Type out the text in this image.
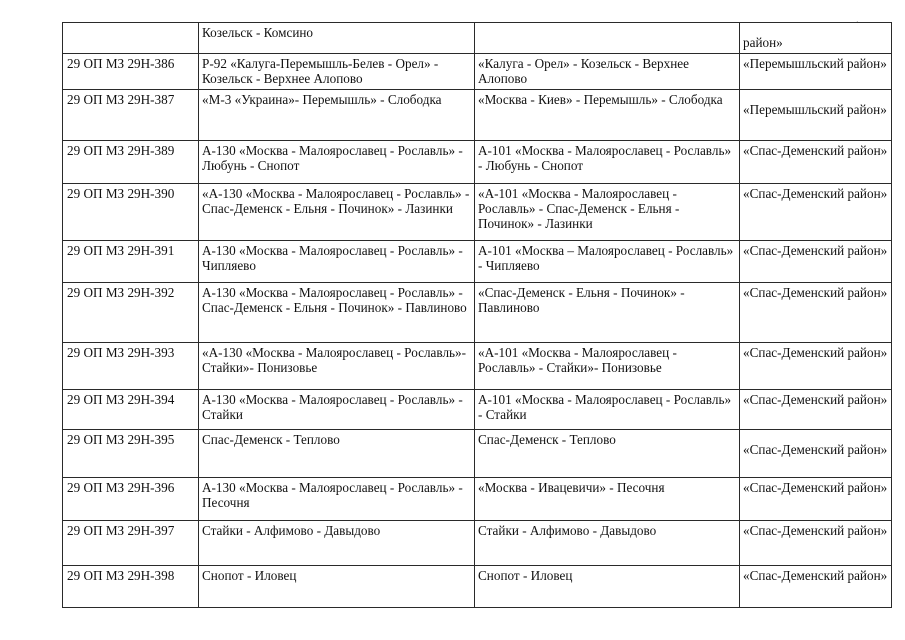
·
	Козельск - Комсино		район»
29 ОП МЗ 29Н-386	Р-92 «Калуга-Перемышль-Белев - Орел» - Козельск - Верхнее Алопово	«Калуга - Орел» - Козельск - Верхнее Алопово	«Перемышльский район»
29 ОП МЗ 29Н-387	«М-3 «Украина»- Перемышль» - Слободка	«Москва - Киев» - Перемышль» - Слободка	«Перемышльский район»
29 ОП МЗ 29Н-389	А-130 «Москва - Малоярославец - Рославль» - Любунь - Снопот	А-101 «Москва - Малоярославец - Рославль» - Любунь - Снопот	«Спас-Деменский район»
29 ОП МЗ 29Н-390	«А-130 «Москва - Малоярославец - Рославль» - Спас-Деменск - Ельня - Починок» - Лазинки	«А-101 «Москва - Малоярославец - Рославль» - Спас-Деменск - Ельня - Починок» - Лазинки	«Спас-Деменский район»
29 ОП МЗ 29Н-391	А-130 «Москва - Малоярославец - Рославль» - Чипляево	А-101 «Москва – Малоярославец - Рославль» - Чипляево	«Спас-Деменский район»
29 ОП МЗ 29Н-392	А-130 «Москва - Малоярославец - Рославль» - Спас-Деменск - Ельня - Починок» - Павлиново	«Спас-Деменск - Ельня - Починок» - Павлиново	«Спас-Деменский район»
29 ОП МЗ 29Н-393	«А-130 «Москва - Малоярославец - Рославль»- Стайки»- Понизовье	«А-101 «Москва - Малоярославец - Рославль» - Стайки»- Понизовье	«Спас-Деменский район»
29 ОП МЗ 29Н-394	А-130 «Москва - Малоярославец - Рославль» - Стайки	А-101 «Москва - Малоярославец - Рославль» - Стайки	«Спас-Деменский район»
29 ОП МЗ 29Н-395	Спас-Деменск - Теплово	Спас-Деменск - Теплово	«Спас-Деменский район»
29 ОП МЗ 29Н-396	А-130 «Москва - Малоярославец - Рославль» - Песочня	«Москва - Ивацевичи» - Песочня	«Спас-Деменский район»
29 ОП МЗ 29Н-397	Стайки - Алфимово - Давыдово	Стайки - Алфимово - Давыдово	«Спас-Деменский район»
29 ОП МЗ 29Н-398	Снопот - Иловец	Снопот - Иловец	«Спас-Деменский район»
